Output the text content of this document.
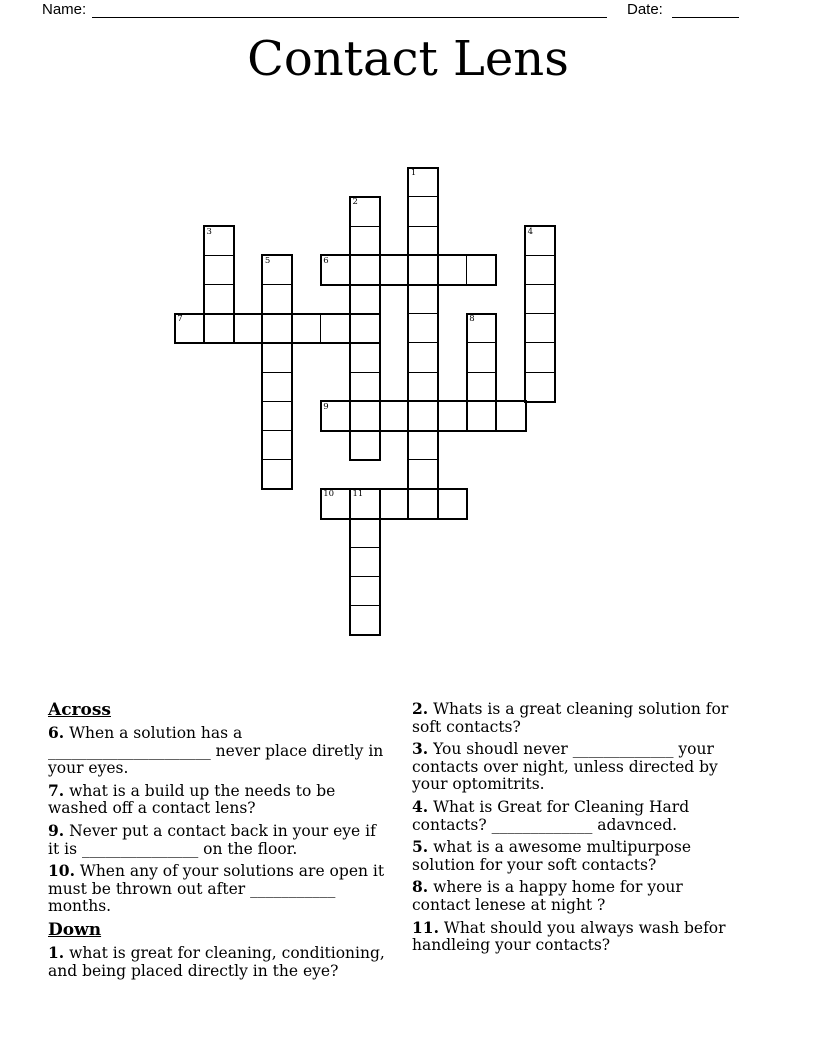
Name:	Date:
Contact Lens
1
2
3	4
5	6
7	8
9
10 11
Across
6. When a solution has a _____________________ never place diretly in your eyes.
7. what is a build up the needs to be washed off a contact lens?
9. Never put a contact back in your eye if it is _______________ on the floor.
10. When any of your solutions are open it must be thrown out after ___________ months.
Down
1. what is great for cleaning, conditioning, and being placed directly in the eye?
2. Whats is a great cleaning solution for soft contacts?
3. You shoudl never _____________ your contacts over night, unless directed by your optomitrits.
4. What is Great for Cleaning Hard contacts? _____________ adavnced.
5. what is a awesome multipurpose solution for your soft contacts?
8. where is a happy home for your contact lenese at night ?
11. What should you always wash befor handleing your contacts?
